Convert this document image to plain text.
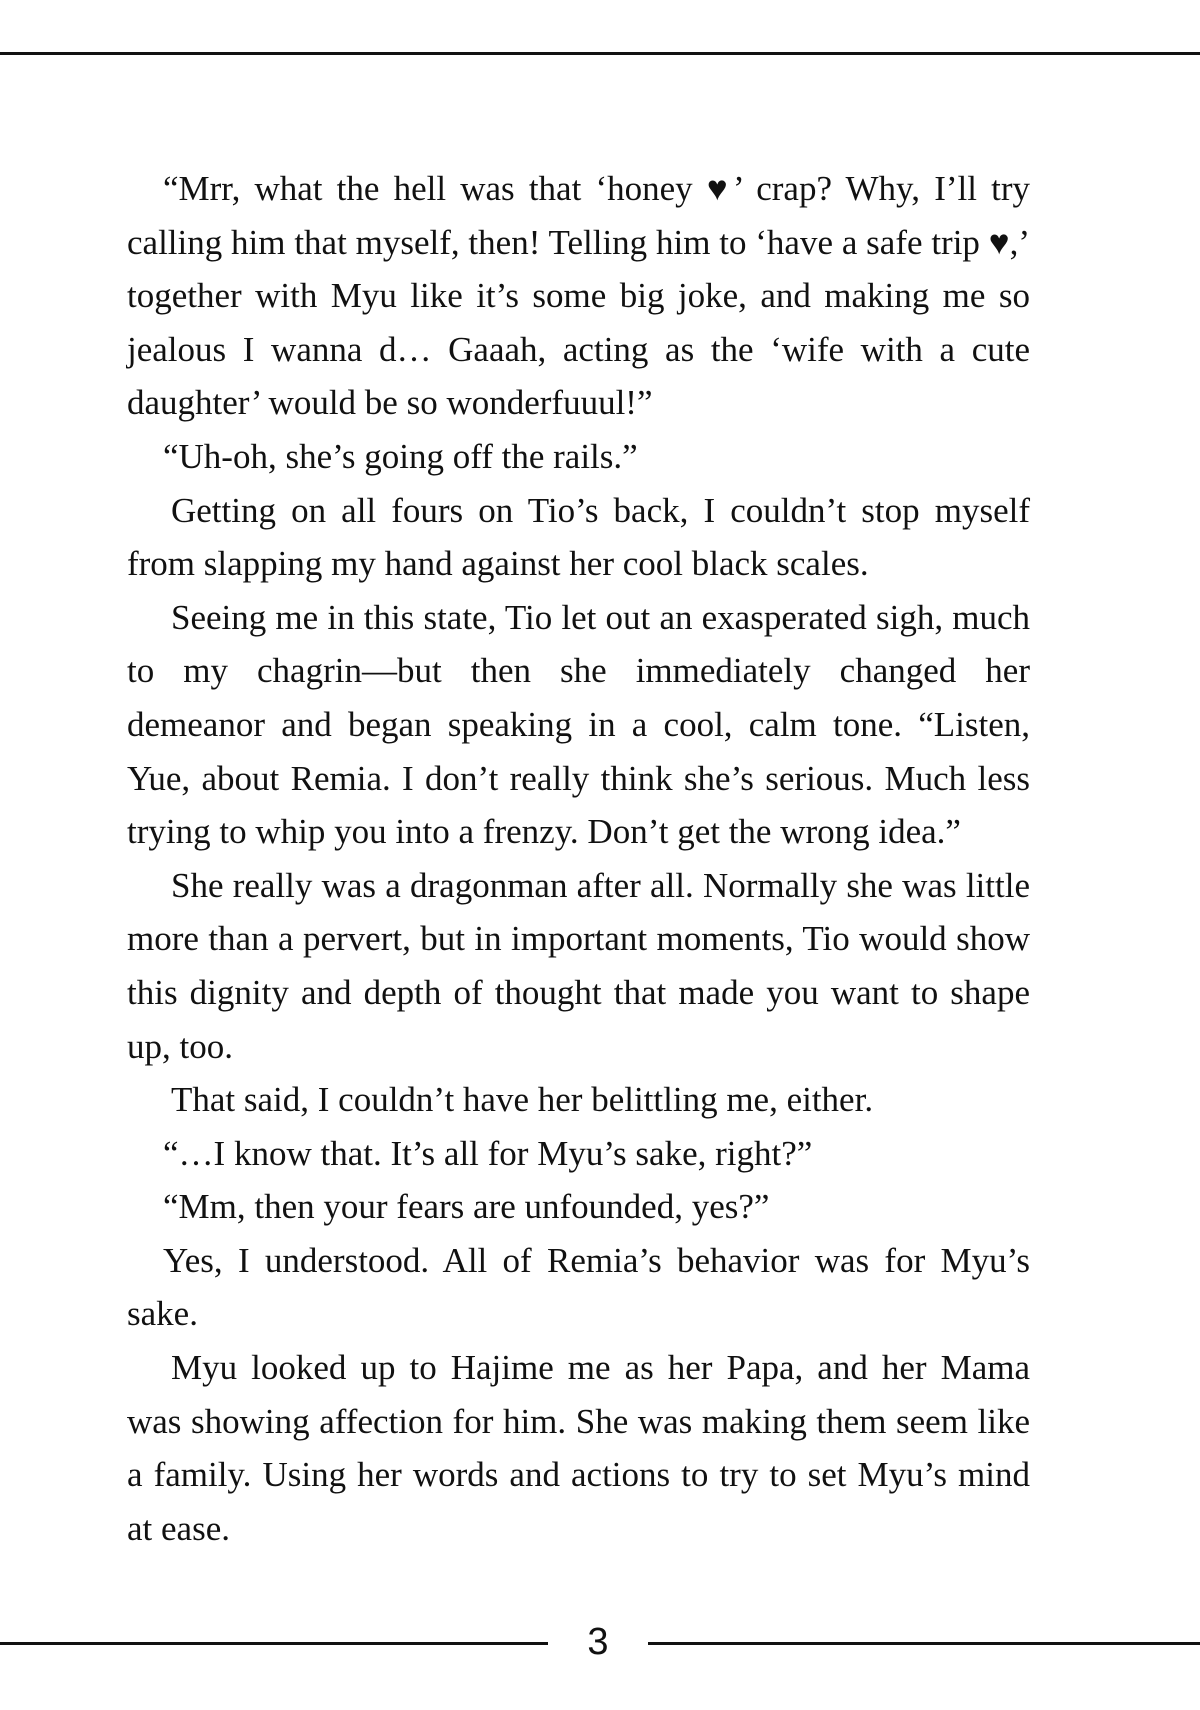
“Mrr, what the hell was that ‘honey ♥’ crap? Why, I’ll try calling him that myself, then! Telling him to ‘have a safe trip ♥,’ together with Myu like it’s some big joke, and making me so jealous I wanna d… Gaaah, acting as the ‘wife with a cute daughter’ would be so wonderfuuul!”

“Uh-oh, she’s going off the rails.”

Getting on all fours on Tio’s back, I couldn’t stop myself from slapping my hand against her cool black scales.

Seeing me in this state, Tio let out an exasperated sigh, much to my chagrin—but then she immediately changed her demeanor and began speaking in a cool, calm tone. “Listen, Yue, about Remia. I don’t really think she’s serious. Much less trying to whip you into a frenzy. Don’t get the wrong idea.”

She really was a dragonman after all. Normally she was little more than a pervert, but in important moments, Tio would show this dignity and depth of thought that made you want to shape up, too.

That said, I couldn’t have her belittling me, either.

“…I know that. It’s all for Myu’s sake, right?”

“Mm, then your fears are unfounded, yes?”

Yes, I understood. All of Remia’s behavior was for Myu’s sake.

Myu looked up to Hajime me as her Papa, and her Mama was showing affection for him. She was making them seem like a family. Using her words and actions to try to set Myu’s mind at ease.

3
